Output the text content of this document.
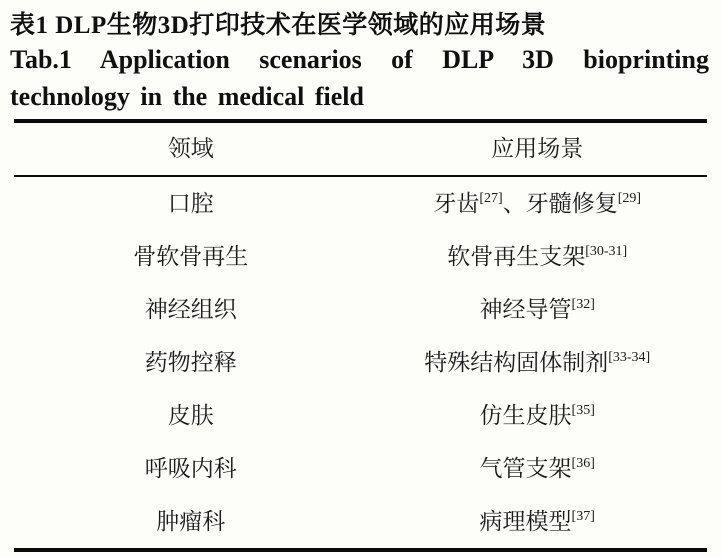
表1 DLP生物3D打印技术在医学领域的应用场景
Tab.1 Application scenarios of DLP 3D bioprinting
technology in the medical field
领域	应用场景
口腔	牙齿[27]、牙髓修复[29]
骨软骨再生	软骨再生支架[30-31]
神经组织	神经导管[32]
药物控释	特殊结构固体制剂[33-34]
皮肤	仿生皮肤[35]
呼吸内科	气管支架[36]
肿瘤科	病理模型[37]
